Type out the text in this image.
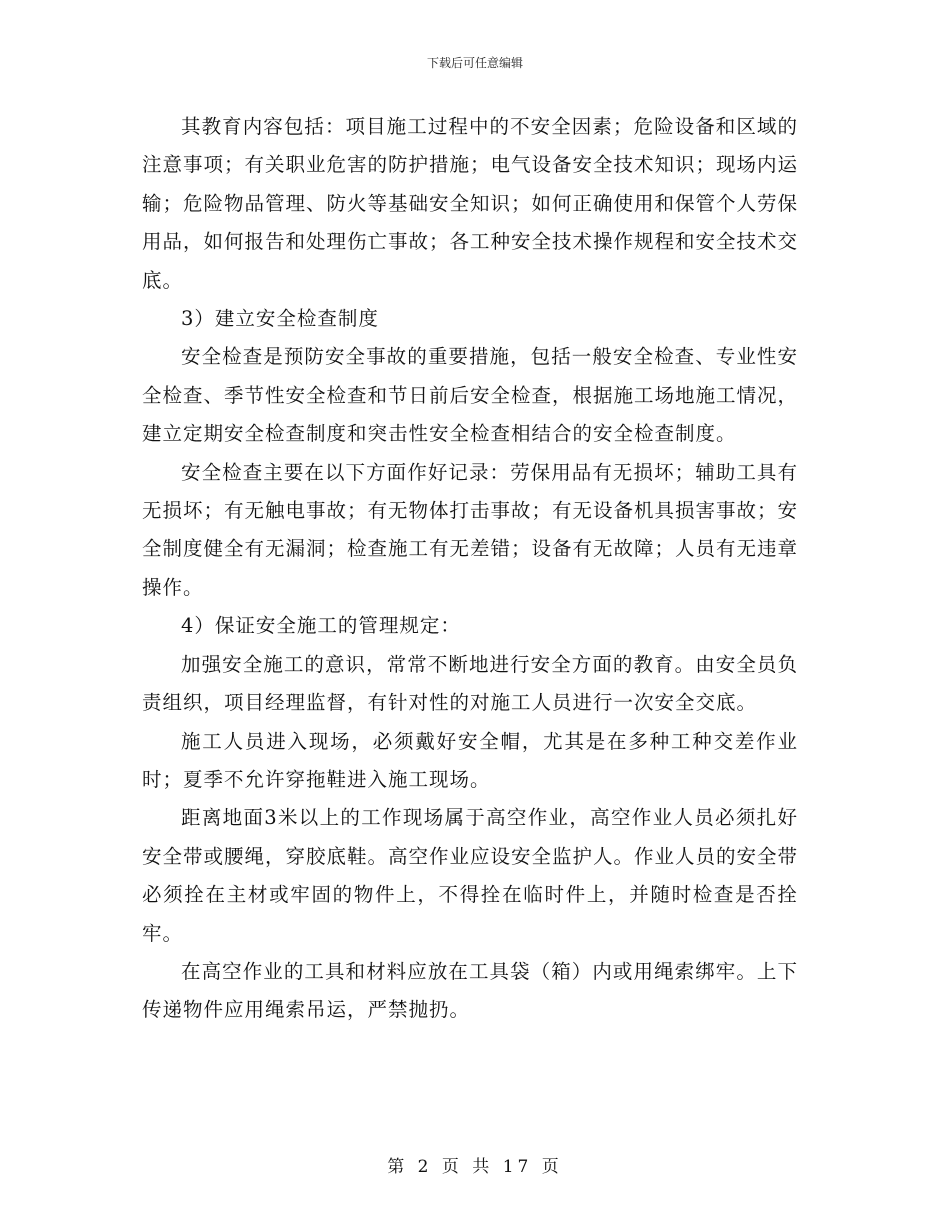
下载后可任意编辑

其教育内容包括：项目施工过程中的不安全因素；危险设备和区域的注意事项；有关职业危害的防护措施；电气设备安全技术知识；现场内运输；危险物品管理、防火等基础安全知识；如何正确使用和保管个人劳保用品，如何报告和处理伤亡事故；各工种安全技术操作规程和安全技术交底。

3）建立安全检查制度

安全检查是预防安全事故的重要措施，包括一般安全检查、专业性安全检查、季节性安全检查和节日前后安全检查，根据施工场地施工情况，建立定期安全检查制度和突击性安全检查相结合的安全检查制度。

安全检查主要在以下方面作好记录：劳保用品有无损坏；辅助工具有无损坏；有无触电事故；有无物体打击事故；有无设备机具损害事故；安全制度健全有无漏洞；检查施工有无差错；设备有无故障；人员有无违章操作。

4）保证安全施工的管理规定：

加强安全施工的意识，常常不断地进行安全方面的教育。由安全员负责组织，项目经理监督，有针对性的对施工人员进行一次安全交底。

施工人员进入现场，必须戴好安全帽，尤其是在多种工种交差作业时；夏季不允许穿拖鞋进入施工现场。

距离地面3米以上的工作现场属于高空作业，高空作业人员必须扎好安全带或腰绳，穿胶底鞋。高空作业应设安全监护人。作业人员的安全带必须拴在主材或牢固的物件上，不得拴在临时件上，并随时检查是否拴牢。

在高空作业的工具和材料应放在工具袋（箱）内或用绳索绑牢。上下传递物件应用绳索吊运，严禁抛扔。

第 2 页 共 17 页
